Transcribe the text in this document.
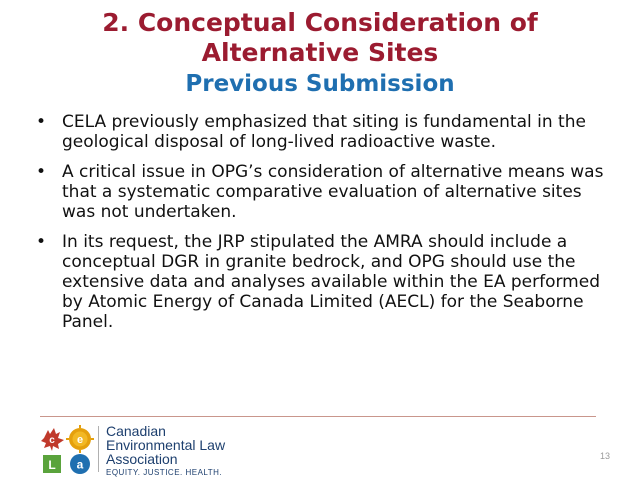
2. Conceptual Consideration of
Alternative Sites
Previous Submission
• CELA previously emphasized that siting is fundamental in the geological disposal of long-lived radioactive waste.
• A critical issue in OPG’s consideration of alternative means was that a systematic comparative evaluation of alternative sites was not undertaken.
• In its request, the JRP stipulated the AMRA should include a conceptual DGR in granite bedrock, and OPG should use the extensive data and analyses available within the EA performed by Atomic Energy of Canada Limited (AECL) for the Seaborne Panel.
c e
L a
Canadian
Environmental Law
Association
EQUITY. JUSTICE. HEALTH.
13
